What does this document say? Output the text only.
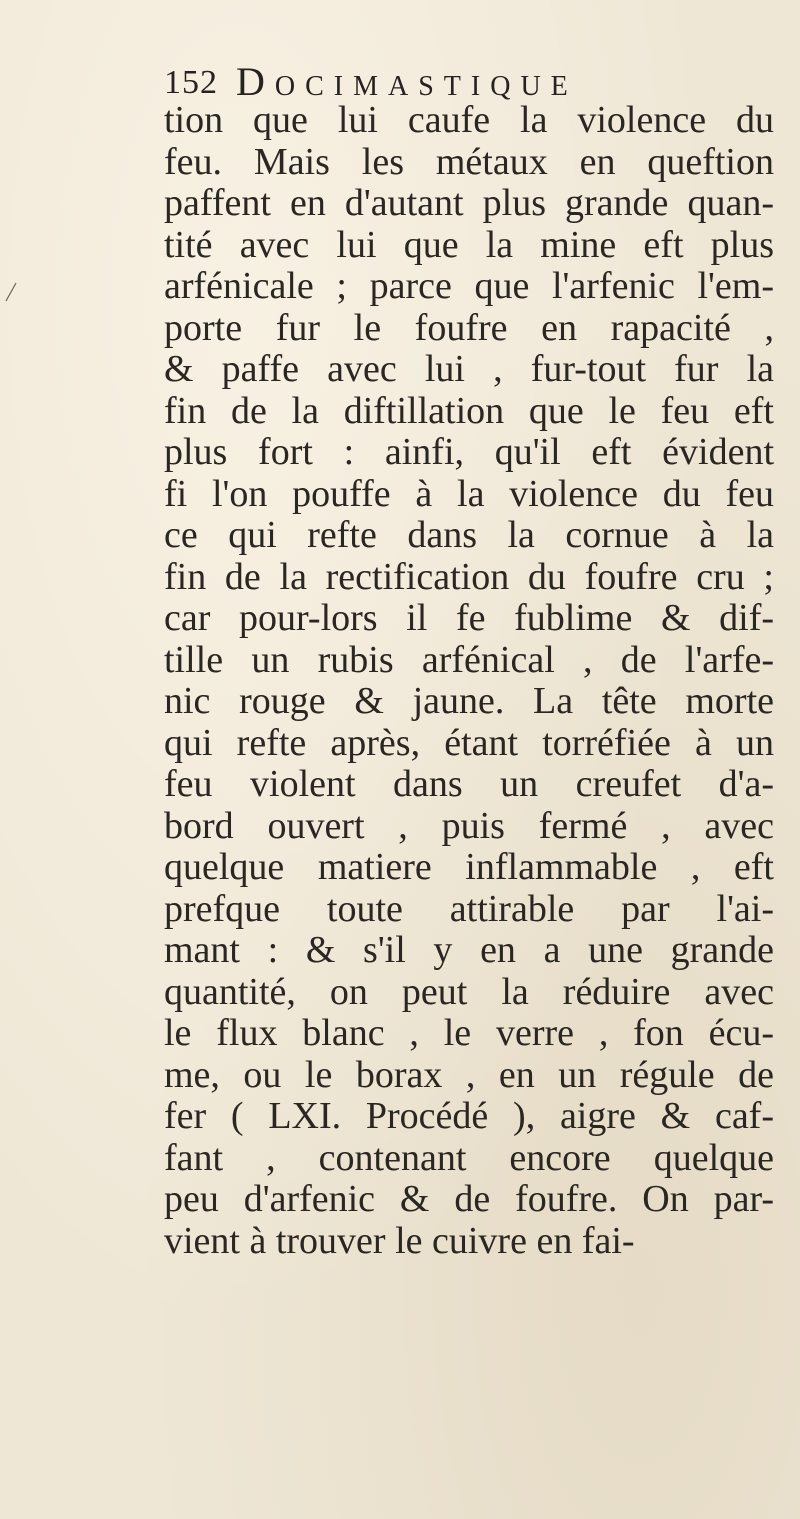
152 Docimastique
tion que lui caufe la violence du
feu. Mais les métaux en queftion
paffent en d'autant plus grande quan-
tité avec lui que la mine eft plus
arfénicale ; parce que l'arfenic l'em-
porte fur le foufre en rapacité ,
& paffe avec lui , fur-tout fur la
fin de la diftillation que le feu eft
plus fort : ainfi, qu'il eft évident
fi l'on pouffe à la violence du feu
ce qui refte dans la cornue à la
fin de la rectification du foufre cru ;
car pour-lors il fe fublime & dif-
tille un rubis arfénical , de l'arfe-
nic rouge & jaune. La tête morte
qui refte après, étant torréfiée à un
feu violent dans un creufet d'a-
bord ouvert , puis fermé , avec
quelque matiere inflammable , eft
prefque toute attirable par l'ai-
mant : & s'il y en a une grande
quantité, on peut la réduire avec
le flux blanc , le verre , fon écu-
me, ou le borax , en un régule de
fer ( LXI. Procédé ), aigre & caf-
fant , contenant encore quelque
peu d'arfenic & de foufre. On par-
vient à trouver le cuivre en fai-
